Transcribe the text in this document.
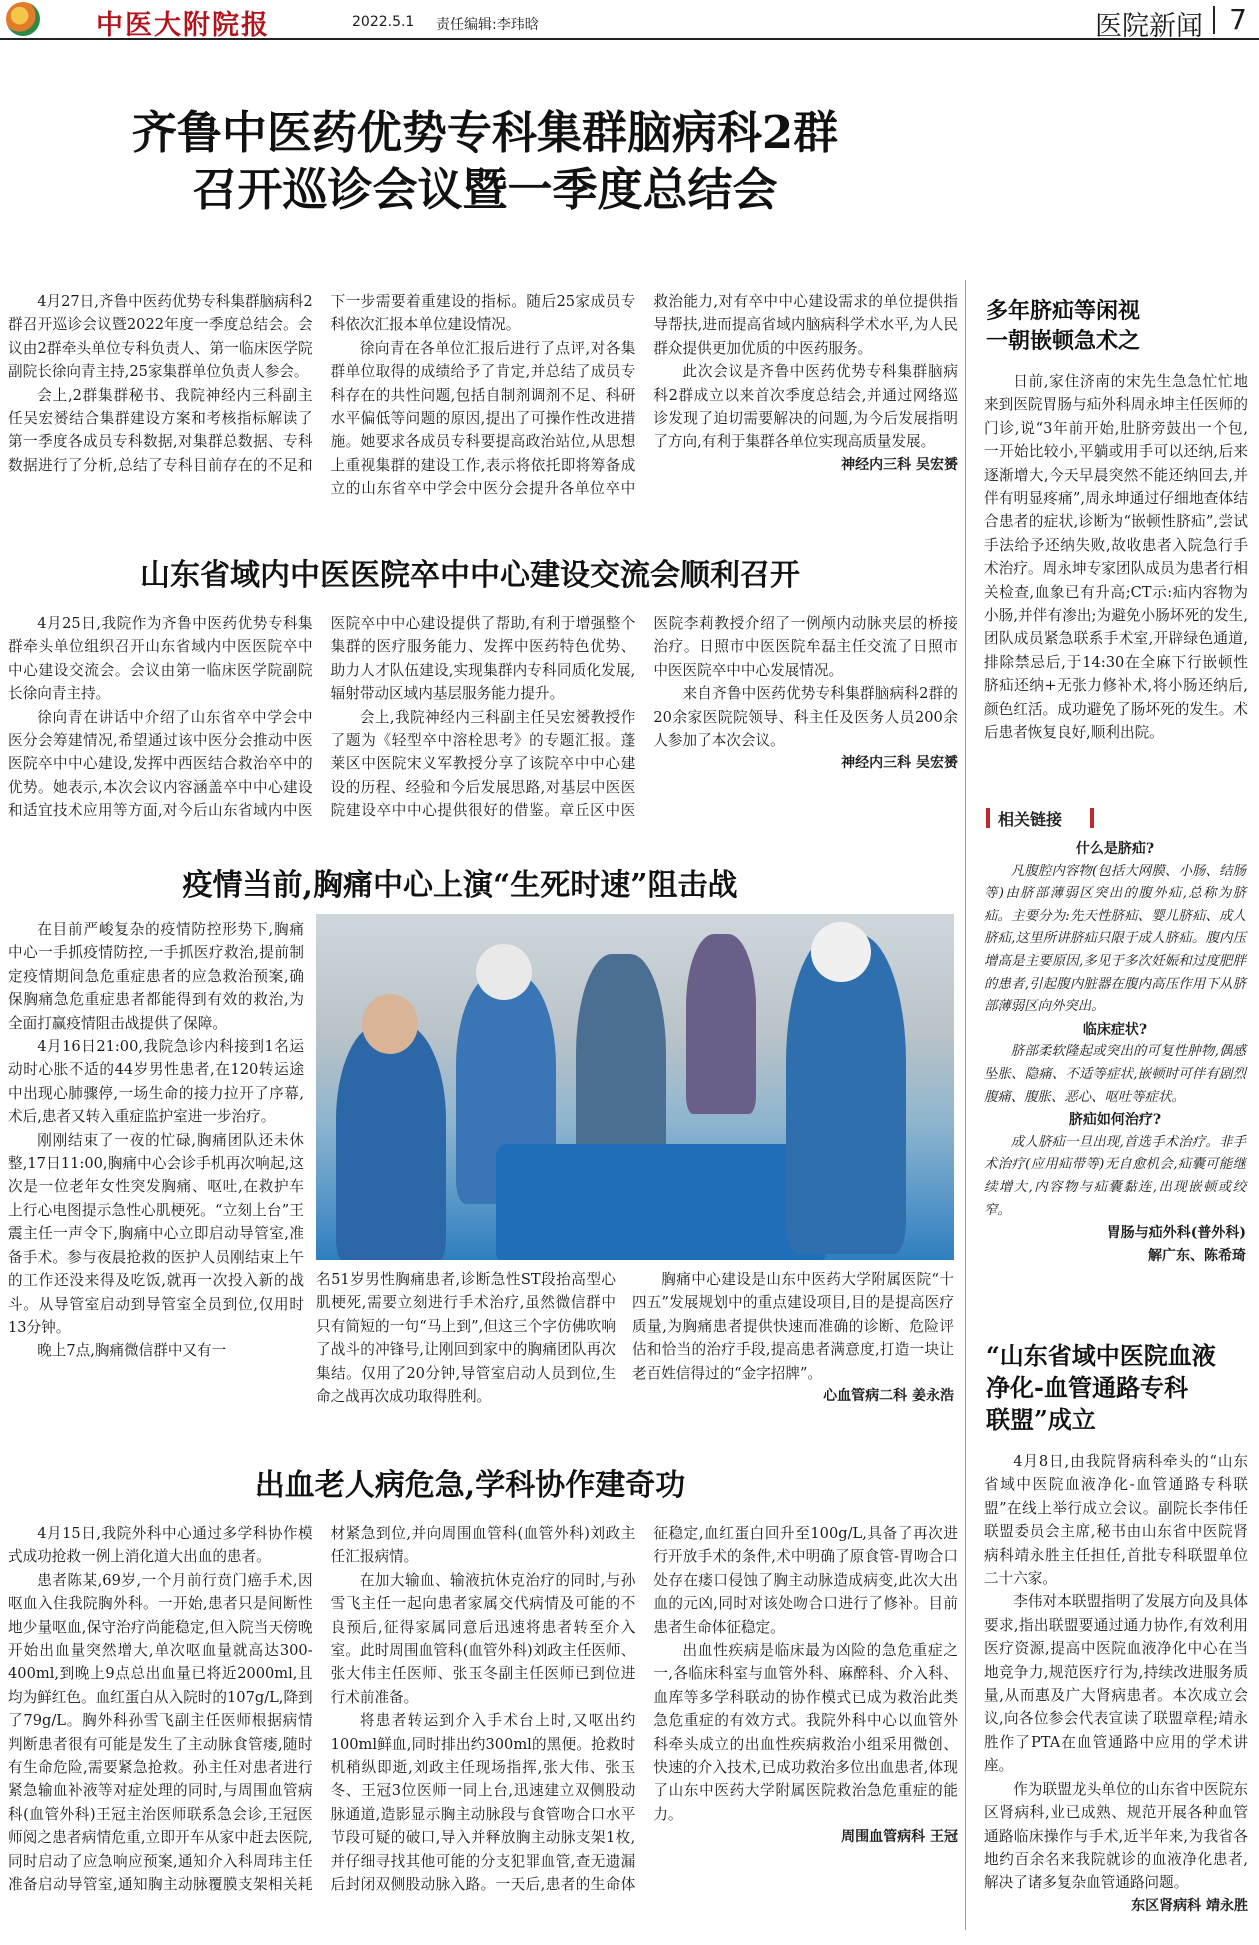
中医大附院报	2022.5.1 责任编辑:李玮晗	医院新闻 7
齐鲁中医药优势专科集群脑病科2群
召开巡诊会议暨一季度总结会

4月27日,齐鲁中医药优势专科集群脑病科2群召开巡诊会议暨2022年度一季度总结会。会议由2群牵头单位专科负责人、第一临床医学院副院长徐向青主持,25家集群单位负责人参会。

会上,2群集群秘书、我院神经内三科副主任吴宏赟结合集群建设方案和考核指标解读了第一季度各成员专科数据,对集群总数据、专科数据进行了分析,总结了专科目前存在的不足和下一步需要着重建设的指标。随后25家成员专科依次汇报本单位建设情况。

徐向青在各单位汇报后进行了点评,对各集群单位取得的成绩给予了肯定,并总结了成员专科存在的共性问题,包括自制剂调剂不足、科研水平偏低等问题的原因,提出了可操作性改进措施。她要求各成员专科要提高政治站位,从思想上重视集群的建设工作,表示将依托即将筹备成立的山东省卒中学会中医分会提升各单位卒中救治能力,对有卒中中心建设需求的单位提供指导帮扶,进而提高省域内脑病科学术水平,为人民群众提供更加优质的中医药服务。

此次会议是齐鲁中医药优势专科集群脑病科2群成立以来首次季度总结会,并通过网络巡诊发现了迫切需要解决的问题,为今后发展指明了方向,有利于集群各单位实现高质量发展。

神经内三科 吴宏赟
山东省域内中医医院卒中中心建设交流会顺利召开

4月25日,我院作为齐鲁中医药优势专科集群牵头单位组织召开山东省域内中医医院卒中中心建设交流会。会议由第一临床医学院副院长徐向青主持。

徐向青在讲话中介绍了山东省卒中学会中医分会筹建情况,希望通过该中医分会推动中医医院卒中中心建设,发挥中西医结合救治卒中的优势。她表示,本次会议内容涵盖卒中中心建设和适宜技术应用等方面,对今后山东省域内中医医院卒中中心建设提供了帮助,有利于增强整个集群的医疗服务能力、发挥中医药特色优势、助力人才队伍建设,实现集群内专科同质化发展,辐射带动区域内基层服务能力提升。

会上,我院神经内三科副主任吴宏赟教授作了题为《轻型卒中溶栓思考》的专题汇报。蓬莱区中医院宋义军教授分享了该院卒中中心建设的历程、经验和今后发展思路,对基层中医医院建设卒中中心提供很好的借鉴。章丘区中医医院李莉教授介绍了一例颅内动脉夹层的桥接治疗。日照市中医医院牟磊主任交流了日照市中医医院卒中中心发展情况。

来自齐鲁中医药优势专科集群脑病科2群的20余家医院院领导、科主任及医务人员200余人参加了本次会议。

神经内三科 吴宏赟
疫情当前,胸痛中心上演“生死时速”阻击战

在目前严峻复杂的疫情防控形势下,胸痛中心一手抓疫情防控,一手抓医疗救治,提前制定疫情期间急危重症患者的应急救治预案,确保胸痛急危重症患者都能得到有效的救治,为全面打赢疫情阻击战提供了保障。

4月16日21:00,我院急诊内科接到1名运动时心胀不适的44岁男性患者,在120转运途中出现心肺骤停,一场生命的接力拉开了序幕,术后,患者又转入重症监护室进一步治疗。

刚刚结束了一夜的忙碌,胸痛团队还未休整,17日11:00,胸痛中心会诊手机再次响起,这次是一位老年女性突发胸痛、呕吐,在救护车上行心电图提示急性心肌梗死。“立刻上台”王震主任一声令下,胸痛中心立即启动导管室,准备手术。参与夜晨抢救的医护人员刚结束上午的工作还没来得及吃饭,就再一次投入新的战斗。从导管室启动到导管室全员到位,仅用时13分钟。

晚上7点,胸痛微信群中又有一

名51岁男性胸痛患者,诊断急性ST段抬高型心肌梗死,需要立刻进行手术治疗,虽然微信群中只有简短的一句“马上到”,但这三个字仿佛吹响了战斗的冲锋号,让刚回到家中的胸痛团队再次集结。仅用了20分钟,导管室启动人员到位,生命之战再次成功取得胜利。

胸痛中心建设是山东中医药大学附属医院“十四五”发展规划中的重点建设项目,目的是提高医疗质量,为胸痛患者提供快速而准确的诊断、危险评估和恰当的治疗手段,提高患者满意度,打造一块让老百姓信得过的“金字招牌”。

心血管病二科 姜永浩
出血老人病危急,学科协作建奇功

4月15日,我院外科中心通过多学科协作模式成功抢救一例上消化道大出血的患者。

患者陈某,69岁,一个月前行贲门癌手术,因呕血入住我院胸外科。一开始,患者只是间断性地少量呕血,保守治疗尚能稳定,但入院当天傍晚开始出血量突然增大,单次呕血量就高达300-400ml,到晚上9点总出血量已将近2000ml,且均为鲜红色。血红蛋白从入院时的107g/L,降到了79g/L。胸外科孙雪飞副主任医师根据病情判断患者很有可能是发生了主动脉食管瘘,随时有生命危险,需要紧急抢救。孙主任对患者进行紧急输血补液等对症处理的同时,与周围血管病科(血管外科)王冠主治医师联系急会诊,王冠医师阅之患者病情危重,立即开车从家中赶去医院,同时启动了应急响应预案,通知介入科周玮主任准备启动导管室,通知胸主动脉覆膜支架相关耗材紧急到位,并向周围血管科(血管外科)刘政主任汇报病情。

在加大输血、输液抗休克治疗的同时,与孙雪飞主任一起向患者家属交代病情及可能的不良预后,征得家属同意后迅速将患者转至介入室。此时周围血管科(血管外科)刘政主任医师、张大伟主任医师、张玉冬副主任医师已到位进行术前准备。

将患者转运到介入手术台上时,又呕出约100ml鲜血,同时排出约300ml的黑便。抢救时机稍纵即逝,刘政主任现场指挥,张大伟、张玉冬、王冠3位医师一同上台,迅速建立双侧股动脉通道,造影显示胸主动脉段与食管吻合口水平节段可疑的破口,导入并释放胸主动脉支架1枚,并仔细寻找其他可能的分支犯罪血管,查无遗漏后封闭双侧股动脉入路。一天后,患者的生命体征稳定,血红蛋白回升至100g/L,具备了再次进行开放手术的条件,术中明确了原食管-胃吻合口处存在瘘口侵蚀了胸主动脉造成病变,此次大出血的元凶,同时对该处吻合口进行了修补。目前患者生命体征稳定。

出血性疾病是临床最为凶险的急危重症之一,各临床科室与血管外科、麻醉科、介入科、血库等多学科联动的协作模式已成为救治此类急危重症的有效方式。我院外科中心以血管外科牵头成立的出血性疾病救治小组采用微创、快速的介入技术,已成功救治多位出血患者,体现了山东中医药大学附属医院救治急危重症的能力。

周围血管病科 王冠
多年脐疝等闲视
一朝嵌顿急术之

日前,家住济南的宋先生急急忙忙地来到医院胃肠与疝外科周永坤主任医师的门诊,说“3年前开始,肚脐旁鼓出一个包,一开始比较小,平躺或用手可以还纳,后来逐渐增大,今天早晨突然不能还纳回去,并伴有明显疼痛”,周永坤通过仔细地查体结合患者的症状,诊断为“嵌顿性脐疝”,尝试手法给予还纳失败,故收患者入院急行手术治疗。周永坤专家团队成员为患者行相关检查,血象已有升高;CT示:疝内容物为小肠,并伴有渗出;为避免小肠坏死的发生,团队成员紧急联系手术室,开辟绿色通道,排除禁忌后,于14:30在全麻下行嵌顿性脐疝还纳+无张力修补术,将小肠还纳后,颜色红活。成功避免了肠坏死的发生。术后患者恢复良好,顺利出院。

相关链接
什么是脐疝?

凡腹腔内容物(包括大网膜、小肠、结肠等)由脐部薄弱区突出的腹外疝,总称为脐疝。主要分为:先天性脐疝、婴儿脐疝、成人脐疝,这里所讲脐疝只限于成人脐疝。腹内压增高是主要原因,多见于多次妊娠和过度肥胖的患者,引起腹内脏器在腹内高压作用下从脐部薄弱区向外突出。

临床症状?

脐部柔软隆起或突出的可复性肿物,偶感坠胀、隐痛、不适等症状,嵌顿时可伴有剧烈腹痛、腹胀、恶心、呕吐等症状。

脐疝如何治疗?

成人脐疝一旦出现,首选手术治疗。非手术治疗(应用疝带等)无自愈机会,疝囊可能继续增大,内容物与疝囊黏连,出现嵌顿或绞窄。

胃肠与疝外科(普外科)
解广东、陈希琦
“山东省域中医院血液
净化-血管通路专科
联盟”成立

4月8日,由我院肾病科牵头的“山东省域中医院血液净化-血管通路专科联盟”在线上举行成立会议。副院长李伟任联盟委员会主席,秘书由山东省中医院肾病科靖永胜主任担任,首批专科联盟单位二十六家。

李伟对本联盟指明了发展方向及具体要求,指出联盟要通过通力协作,有效利用医疗资源,提高中医院血液净化中心在当地竞争力,规范医疗行为,持续改进服务质量,从而惠及广大肾病患者。本次成立会议,向各位参会代表宣读了联盟章程;靖永胜作了PTA在血管通路中应用的学术讲座。

作为联盟龙头单位的山东省中医院东区肾病科,业已成熟、规范开展各种血管通路临床操作与手术,近半年来,为我省各地约百余名来我院就诊的血液净化患者,解决了诸多复杂血管通路问题。

东区肾病科 靖永胜
